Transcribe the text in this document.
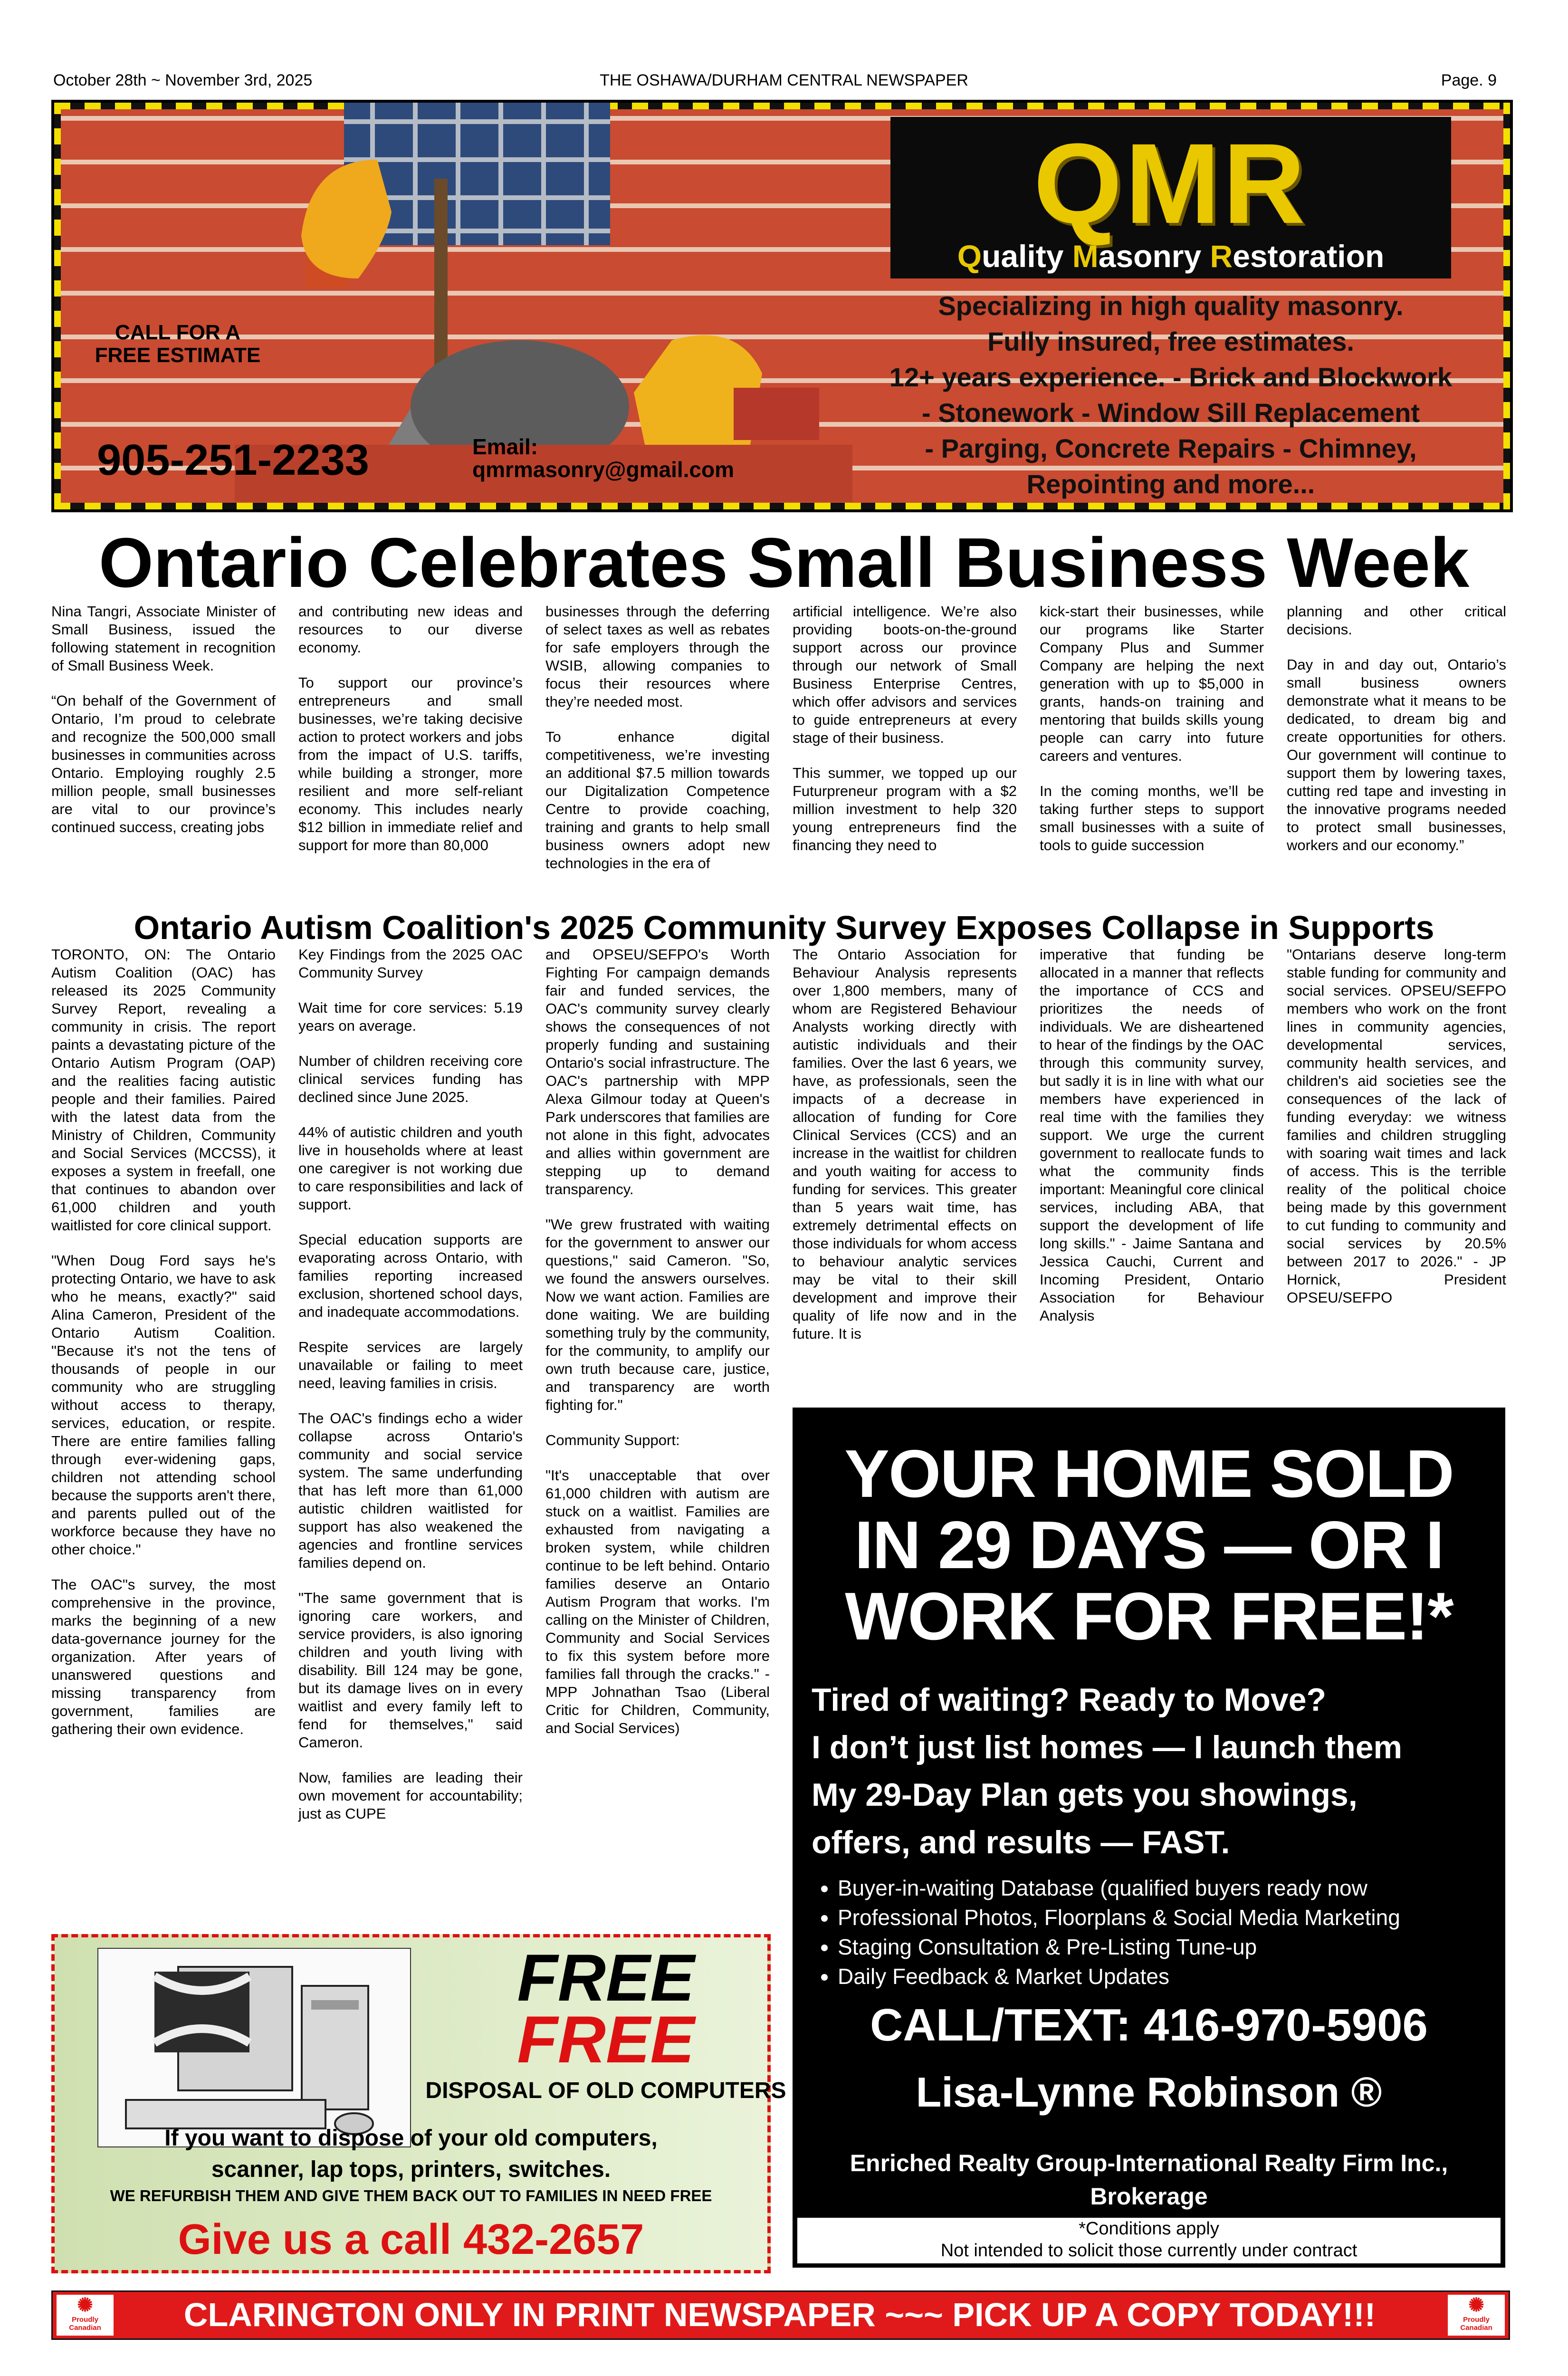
October 28th ~ November 3rd, 2025	THE OSHAWA/DURHAM CENTRAL NEWSPAPER	Page. 9
CALL FOR A
FREE ESTIMATE
905-251-2233	Email:
qmrmasonry@gmail.com
QMR
Quality Masonry Restoration
Specializing in high quality masonry.
Fully insured, free estimates.
12+ years experience. - Brick and Blockwork
- Stonework - Window Sill Replacement
- Parging, Concrete Repairs - Chimney,
Repointing and more...
Ontario Celebrates Small Business Week

Nina Tangri, Associate Minister of Small Business, issued the following statement in recognition of Small Business Week.

“On behalf of the Government of Ontario, I’m proud to celebrate and recognize the 500,000 small businesses in communities across Ontario. Employing roughly 2.5 million people, small businesses are vital to our province’s continued success, creating jobs

and contributing new ideas and resources to our diverse economy.

To support our province’s entrepreneurs and small businesses, we’re taking decisive action to protect workers and jobs from the impact of U.S. tariffs, while building a stronger, more resilient and more self-reliant economy. This includes nearly $12 billion in immediate relief and support for more than 80,000

businesses through the deferring of select taxes as well as rebates for safe employers through the WSIB, allowing companies to focus their resources where they’re needed most.

To enhance digital competitiveness, we’re investing an additional $7.5 million towards our Digitalization Competence Centre to provide coaching, training and grants to help small business owners adopt new technologies in the era of

artificial intelligence. We’re also providing boots-on-the-ground support across our province through our network of Small Business Enterprise Centres, which offer advisors and services to guide entrepreneurs at every stage of their business.

This summer, we topped up our Futurpreneur program with a $2 million investment to help 320 young entrepreneurs find the financing they need to

kick-start their businesses, while our programs like Starter Company Plus and Summer Company are helping the next generation with up to $5,000 in grants, hands-on training and mentoring that builds skills young people can carry into future careers and ventures.

In the coming months, we’ll be taking further steps to support small businesses with a suite of tools to guide succession

planning and other critical decisions.

Day in and day out, Ontario’s small business owners demonstrate what it means to be dedicated, to dream big and create opportunities for others. Our government will continue to support them by lowering taxes, cutting red tape and investing in the innovative programs needed to protect small businesses, workers and our economy.”

Ontario Autism Coalition's 2025 Community Survey Exposes Collapse in Supports

TORONTO, ON: The Ontario Autism Coalition (OAC) has released its 2025 Community Survey Report, revealing a community in crisis. The report paints a devastating picture of the Ontario Autism Program (OAP) and the realities facing autistic people and their families. Paired with the latest data from the Ministry of Children, Community and Social Services (MCCSS), it exposes a system in freefall, one that continues to abandon over 61,000 children and youth waitlisted for core clinical support.

"When Doug Ford says he's protecting Ontario, we have to ask who he means, exactly?" said Alina Cameron, President of the Ontario Autism Coalition. "Because it's not the tens of thousands of people in our community who are struggling without access to therapy, services, education, or respite. There are entire families falling through ever-widening gaps, children not attending school because the supports aren't there, and parents pulled out of the workforce because they have no other choice."

The OAC"s survey, the most comprehensive in the province, marks the beginning of a new data-governance journey for the organization. After years of unanswered questions and missing transparency from government, families are gathering their own evidence.

Key Findings from the 2025 OAC Community Survey

Wait time for core services: 5.19 years on average.

Number of children receiving core clinical services funding has declined since June 2025.

44% of autistic children and youth live in households where at least one caregiver is not working due to care responsibilities and lack of support.

Special education supports are evaporating across Ontario, with families reporting increased exclusion, shortened school days, and inadequate accommodations.

Respite services are largely unavailable or failing to meet need, leaving families in crisis.

The OAC's findings echo a wider collapse across Ontario's community and social service system. The same underfunding that has left more than 61,000 autistic children waitlisted for support has also weakened the agencies and frontline services families depend on.

"The same government that is ignoring care workers, and service providers, is also ignoring children and youth living with disability. Bill 124 may be gone, but its damage lives on in every waitlist and every family left to fend for themselves," said Cameron.

Now, families are leading their own movement for accountability; just as CUPE

and OPSEU/SEFPO's Worth Fighting For campaign demands fair and funded services, the OAC's community survey clearly shows the consequences of not properly funding and sustaining Ontario's social infrastructure. The OAC's partnership with MPP Alexa Gilmour today at Queen's Park underscores that families are not alone in this fight, advocates and allies within government are stepping up to demand transparency.

"We grew frustrated with waiting for the government to answer our questions," said Cameron. "So, we found the answers ourselves. Now we want action. Families are done waiting. We are building something truly by the community, for the community, to amplify our own truth because care, justice, and transparency are worth fighting for."

Community Support:

"It's unacceptable that over 61,000 children with autism are stuck on a waitlist. Families are exhausted from navigating a broken system, while children continue to be left behind. Ontario families deserve an Ontario Autism Program that works. I'm calling on the Minister of Children, Community and Social Services to fix this system before more families fall through the cracks." - MPP Johnathan Tsao (Liberal Critic for Children, Community, and Social Services)

The Ontario Association for Behaviour Analysis represents over 1,800 members, many of whom are Registered Behaviour Analysts working directly with autistic individuals and their families. Over the last 6 years, we have, as professionals, seen the impacts of a decrease in allocation of funding for Core Clinical Services (CCS) and an increase in the waitlist for children and youth waiting for access to funding for services. This greater than 5 years wait time, has extremely detrimental effects on those individuals for whom access to behaviour analytic services may be vital to their skill development and improve their quality of life now and in the future. It is

imperative that funding be allocated in a manner that reflects the importance of CCS and prioritizes the needs of individuals. We are disheartened to hear of the findings by the OAC through this community survey, but sadly it is in line with what our members have experienced in real time with the families they support. We urge the current government to reallocate funds to what the community finds important: Meaningful core clinical services, including ABA, that support the development of life long skills." - Jaime Santana and Jessica Cauchi, Current and Incoming President, Ontario Association for Behaviour Analysis

"Ontarians deserve long-term stable funding for community and social services. OPSEU/SEFPO members who work on the front lines in community agencies, developmental services, community health services, and children's aid societies see the consequences of the lack of funding everyday: we witness families and children struggling with soaring wait times and lack of access. This is the terrible reality of the political choice being made by this government to cut funding to community and social services by 20.5% between 2017 to 2026." - JP Hornick, President OPSEU/SEFPO

FREE
FREE
DISPOSAL OF OLD COMPUTERS
If you want to dispose of your old computers,
scanner, lap tops, printers, switches.
WE REFURBISH THEM AND GIVE THEM BACK OUT TO FAMILIES IN NEED FREE
Give us a call 432-2657
YOUR HOME SOLD
IN 29 DAYS — OR I
WORK FOR FREE!*
Tired of waiting? Ready to Move?
I don’t just list homes — I launch them
My 29-Day Plan gets you showings,
offers, and results — FAST.
• Buyer-in-waiting Database (qualified buyers ready now
• Professional Photos, Floorplans & Social Media Marketing
• Staging Consultation & Pre-Listing Tune-up
• Daily Feedback & Market Updates
CALL/TEXT: 416-970-5906
Lisa-Lynne Robinson ®
Enriched Realty Group-International Realty Firm Inc.,
Brokerage
*Conditions apply
Not intended to solicit those currently under contract
✺
Proudly
Canadian	CLARINGTON ONLY IN PRINT NEWSPAPER ~~~ PICK UP A COPY TODAY!!!	✺
Proudly
Canadian
